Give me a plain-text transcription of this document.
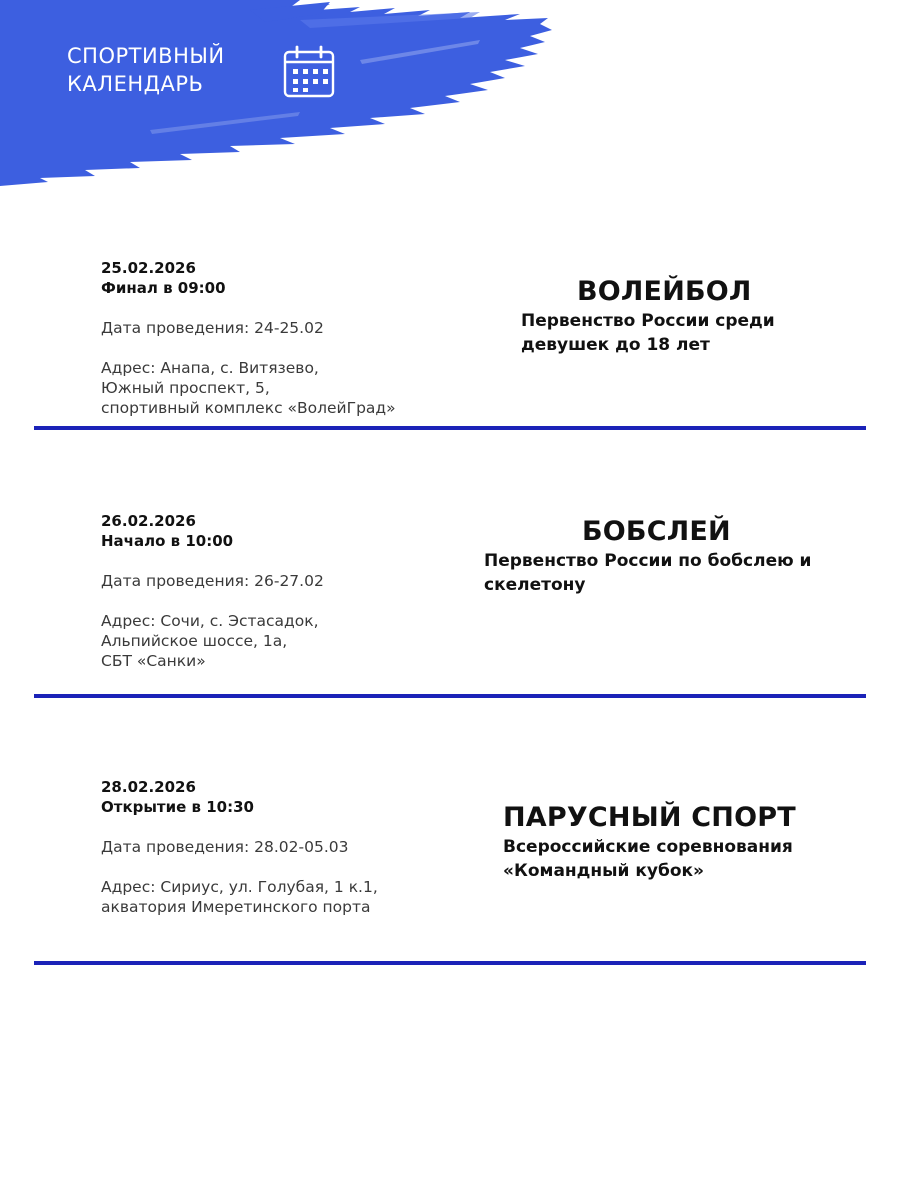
СПОРТИВНЫЙ
КАЛЕНДАРЬ
25.02.2026
Финал в 09:00
Дата проведения: 24-25.02
Адрес: Анапа, с. Витязево,
Южный проспект, 5,
спортивный комплекс «ВолейГрад»
ВОЛЕЙБОЛ
Первенство России среди
девушек до 18 лет
26.02.2026
Начало в 10:00
Дата проведения: 26-27.02
Адрес: Сочи, с. Эстасадок,
Альпийское шоссе, 1а,
СБТ «Санки»
БОБСЛЕЙ
Первенство России по бобслею и
скелетону
28.02.2026
Открытие в 10:30
Дата проведения: 28.02-05.03
Адрес: Сириус, ул. Голубая, 1 к.1,
акватория Имеретинского порта
ПАРУСНЫЙ СПОРТ
Всероссийские соревнования
«Командный кубок»
